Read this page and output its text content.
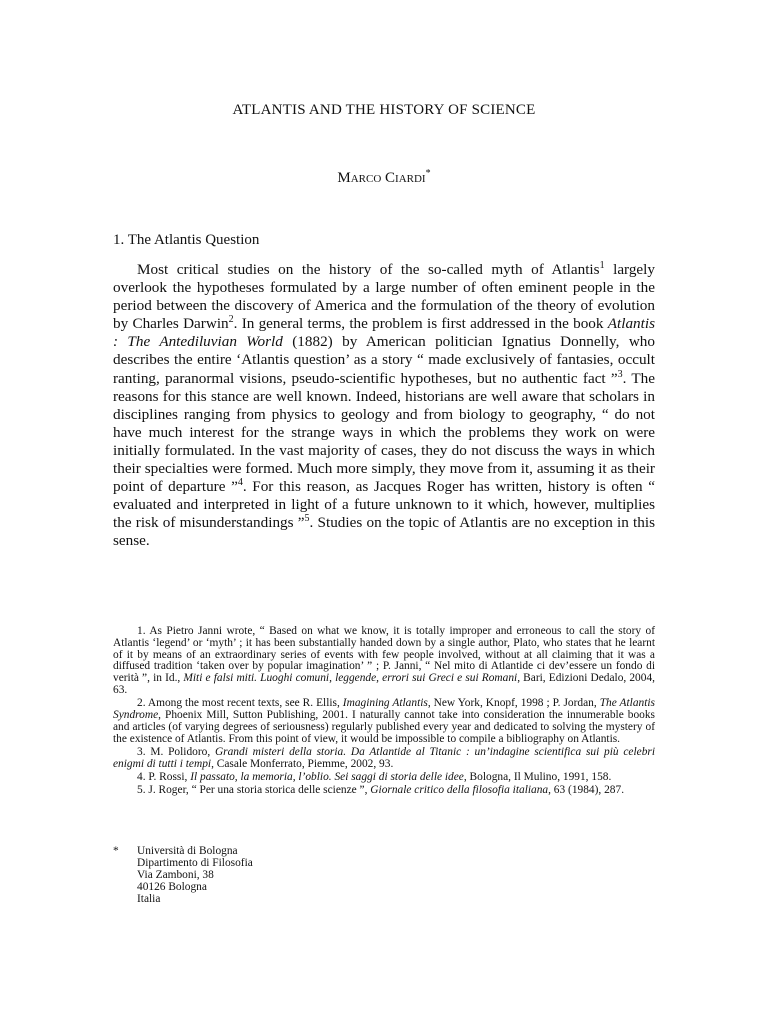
ATLANTIS AND THE HISTORY OF SCIENCE
Marco Ciardi*
1. The Atlantis Question

Most critical studies on the history of the so-called myth of Atlantis$^1$ largely overlook the hypotheses formulated by a large number of often eminent people in the period between the discovery of America and the formulation of the theory of evolution by Charles Darwin$^2$. In general terms, the problem is first addressed in the book Atlantis : The Antediluvian World (1882) by American politician Ignatius Donnelly, who describes the entire ‘Atlantis question’ as a story “ made exclusively of fantasies, occult ranting, paranormal visions, pseudo-scientific hypotheses, but no authentic fact ”$^3$. The reasons for this stance are well known. Indeed, historians are well aware that scholars in disciplines ranging from physics to geology and from biology to geography, “ do not have much interest for the strange ways in which the problems they work on were initially formulated. In the vast majority of cases, they do not discuss the ways in which their specialties were formed. Much more simply, they move from it, assuming it as their point of departure ”$^4$. For this reason, as Jacques Roger has written, history is often “ evaluated and interpreted in light of a future unknown to it which, however, multiplies the risk of misunderstandings ”$^5$. Studies on the topic of Atlantis are no exception in this sense.

1. As Pietro Janni wrote, “ Based on what we know, it is totally improper and erroneous to call the story of Atlantis ‘legend’ or ‘myth’ ; it has been substantially handed down by a single author, Plato, who states that he learnt of it by means of an extraordinary series of events with few people involved, without at all claiming that it was a diffused tradition ‘taken over by popular imagination’ ” ; P. Janni, “ Nel mito di Atlantide ci dev’essere un fondo di verità ”, in Id., Miti e falsi miti. Luoghi comuni, leggende, errori sui Greci e sui Romani, Bari, Edizioni Dedalo, 2004, 63.

2. Among the most recent texts, see R. Ellis, Imagining Atlantis, New York, Knopf, 1998 ; P. Jordan, The Atlantis Syndrome, Phoenix Mill, Sutton Publishing, 2001. I naturally cannot take into consideration the innumerable books and articles (of varying degrees of seriousness) regularly published every year and dedicated to solving the mystery of the existence of Atlantis. From this point of view, it would be impossible to compile a bibliography on Atlantis.

3. M. Polidoro, Grandi misteri della storia. Da Atlantide al Titanic : un’indagine scientifica sui più celebri enigmi di tutti i tempi, Casale Monferrato, Piemme, 2002, 93.

4. P. Rossi, Il passato, la memoria, l’oblio. Sei saggi di storia delle idee, Bologna, Il Mulino, 1991, 158.

5. J. Roger, “ Per una storia storica delle scienze ”, Giornale critico della filosofia italiana, 63 (1984), 287.

* Università di Bologna
Dipartimento di Filosofia
Via Zamboni, 38
40126 Bologna
Italia
